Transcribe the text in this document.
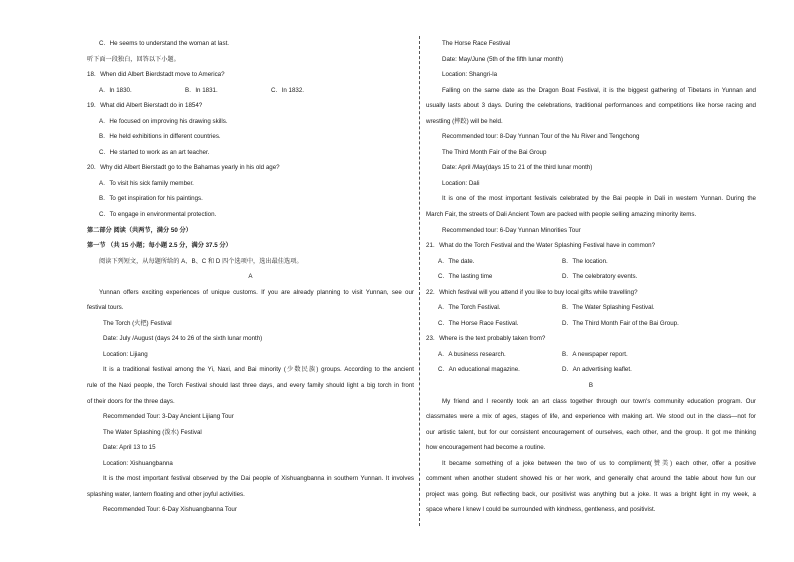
C．He seems to understand the woman at last.
听下面一段独白，回答以下小题。
18．When did Albert Bierdstadt move to America?
A．In 1830.	B．In 1831.	C．In 1832.
19．What did Albert Bierstadt do in 1854?
A．He focused on improving his drawing skills.
B．He held exhibitions in different countries.
C．He started to work as an art teacher.
20．Why did Albert Bierstadt go to the Bahamas yearly in his old age?
A．To visit his sick family member.
B．To get inspiration for his paintings.
C．To engage in environmental protection.
第二部分 阅读（共两节，满分 50 分）
第一节 （共 15 小题；每小题 2.5 分，满分 37.5 分）
阅读下列短文，从每题所给的 A、B、C 和 D 四个选项中，选出最佳选项。
A
Yunnan offers exciting experiences of unique customs. If you are already planning to visit Yunnan, see our
festival tours.
The Torch (火把) Festival
Date: July /August (days 24 to 26 of the sixth lunar month)
Location: Lijiang
It is a traditional festival among the Yi, Naxi, and Bai minority (少数民族) groups. According to the ancient
rule of the Naxi people, the Torch Festival should last three days, and every family should light a big torch in front
of their doors for the three days.
Recommended Tour: 3-Day Ancient Lijiang Tour
The Water Splashing (泼水) Festival
Date: April 13 to 15
Location: Xishuangbanna
It is the most important festival observed by the Dai people of Xishuangbanna in southern Yunnan. It involves
splashing water, lantern floating and other joyful activities.
Recommended Tour: 6-Day Xishuangbanna Tour
The Horse Race Festival
Date: May/June (5th of the fifth lunar month)
Location: Shangri-la
Falling on the same date as the Dragon Boat Festival, it is the biggest gathering of Tibetans in Yunnan and
usually lasts about 3 days. During the celebrations, traditional performances and competitions like horse racing and
wrestling (摔跤) will be held.
Recommended tour: 8-Day Yunnan Tour of the Nu River and Tengchong
The Third Month Fair of the Bai Group
Date: April /May(days 15 to 21 of the third lunar month)
Location: Dali
It is one of the most important festivals celebrated by the Bai people in Dali in western Yunnan. During the
March Fair, the streets of Dali Ancient Town are packed with people selling amazing minority items.
Recommended tour: 6-Day Yunnan Minorities Tour
21．What do the Torch Festival and the Water Splashing Festival have in common?
A．The date.	B．The location.
C．The lasting time	D．The celebratory events.
22．Which festival will you attend if you like to buy local gifts while travelling?
A．The Torch Festival.	B．The Water Splashing Festival.
C．The Horse Race Festival.	D．The Third Month Fair of the Bai Group.
23．Where is the text probably taken from?
A．A business research.	B．A newspaper report.
C．An educational magazine.	D．An advertising leaflet.
B
My friend and I recently took an art class together through our town's community education program. Our
classmates were a mix of ages, stages of life, and experience with making art. We stood out in the class—not for
our artistic talent, but for our consistent encouragement of ourselves, each other, and the group. It got me thinking
how encouragement had become a routine.
It became something of a joke between the two of us to compliment(赞美) each other, offer a positive
comment when another student showed his or her work, and generally chat around the table about how fun our
project was going. But reflecting back, our positivist was anything but a joke. It was a bright light in my week, a
space where I knew I could be surrounded with kindness, gentleness, and positivist.
